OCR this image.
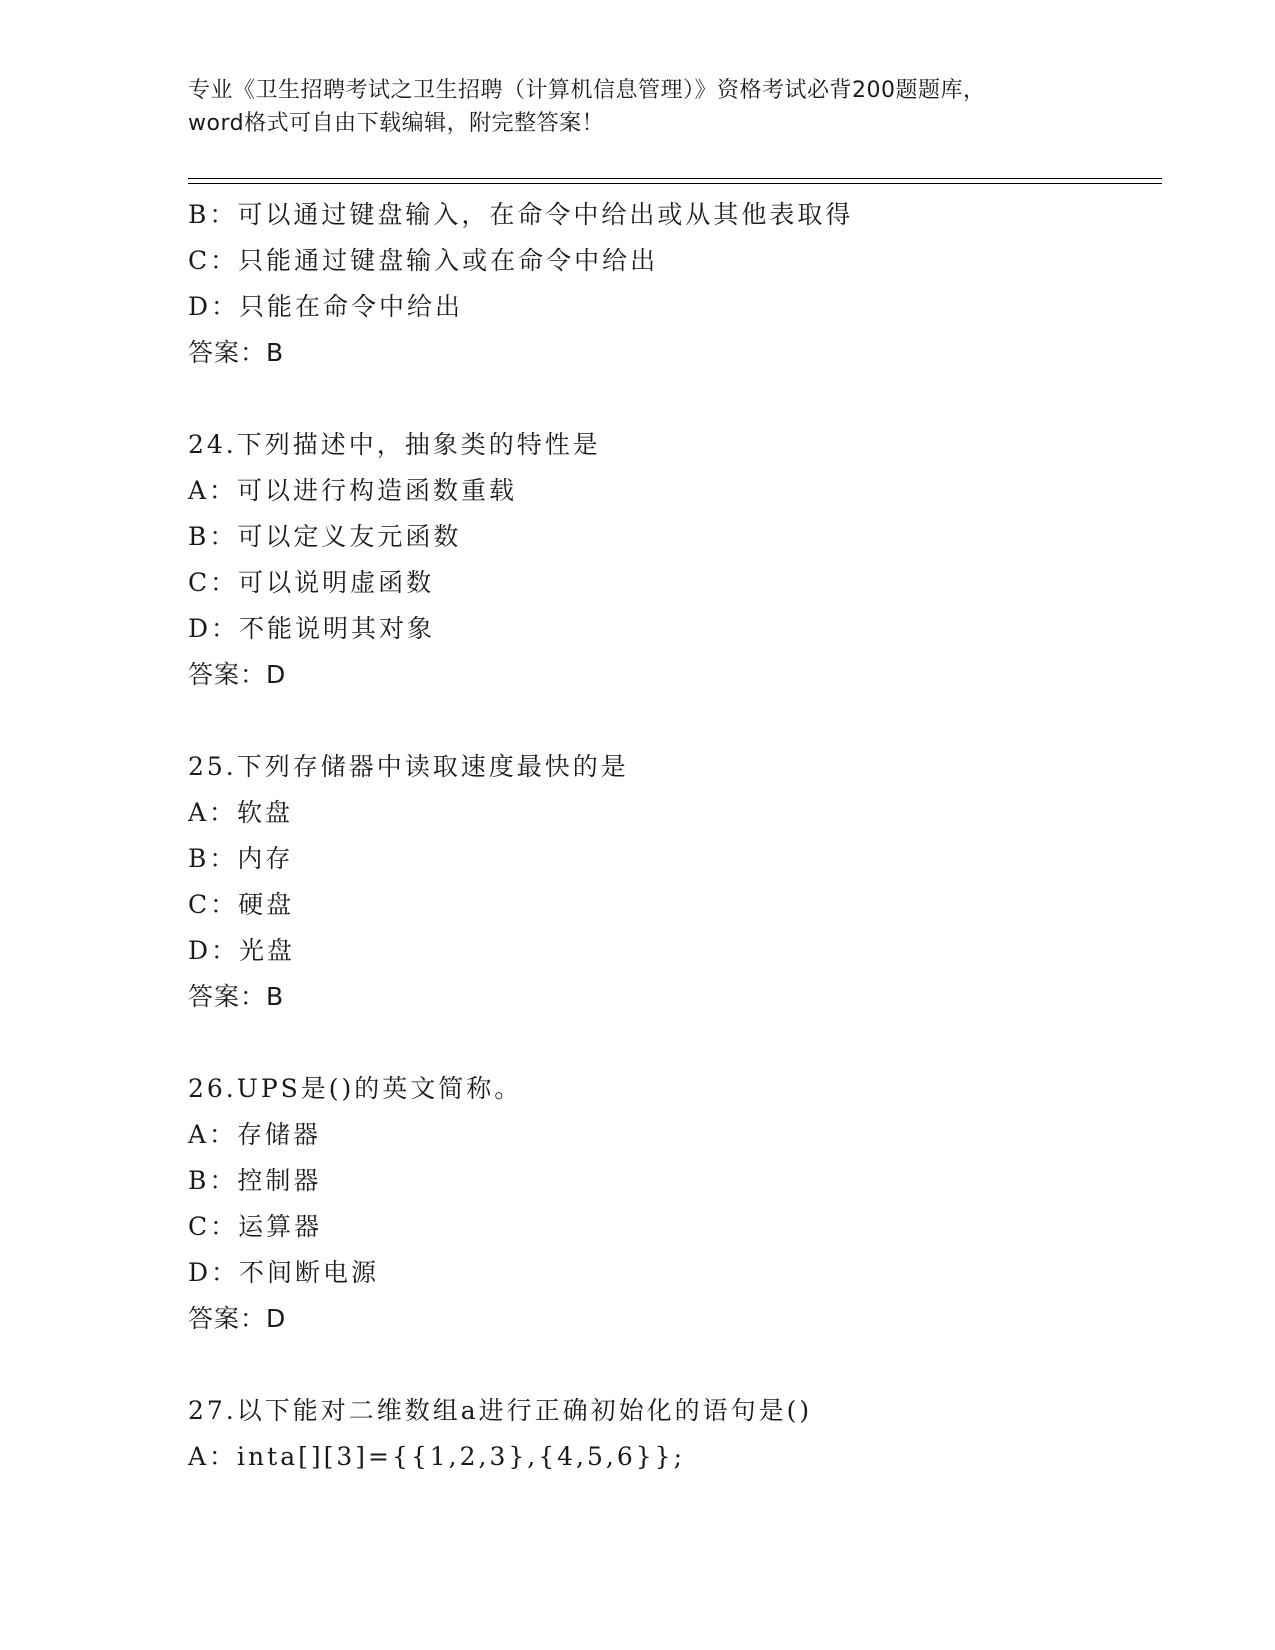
专业《卫生招聘考试之卫生招聘（计算机信息管理）》资格考试必背200题题库，
word格式可自由下载编辑，附完整答案！
B：可以通过键盘输入，在命令中给出或从其他表取得
C：只能通过键盘输入或在命令中给出
D：只能在命令中给出
答案：B
24.下列描述中，抽象类的特性是
A：可以进行构造函数重载
B：可以定义友元函数
C：可以说明虚函数
D：不能说明其对象
答案：D
25.下列存储器中读取速度最快的是
A：软盘
B：内存
C：硬盘
D：光盘
答案：B
26.UPS是()的英文简称。
A：存储器
B：控制器
C：运算器
D：不间断电源
答案：D
27.以下能对二维数组a进行正确初始化的语句是()
A：inta[][3]={{1,2,3},{4,5,6}};
